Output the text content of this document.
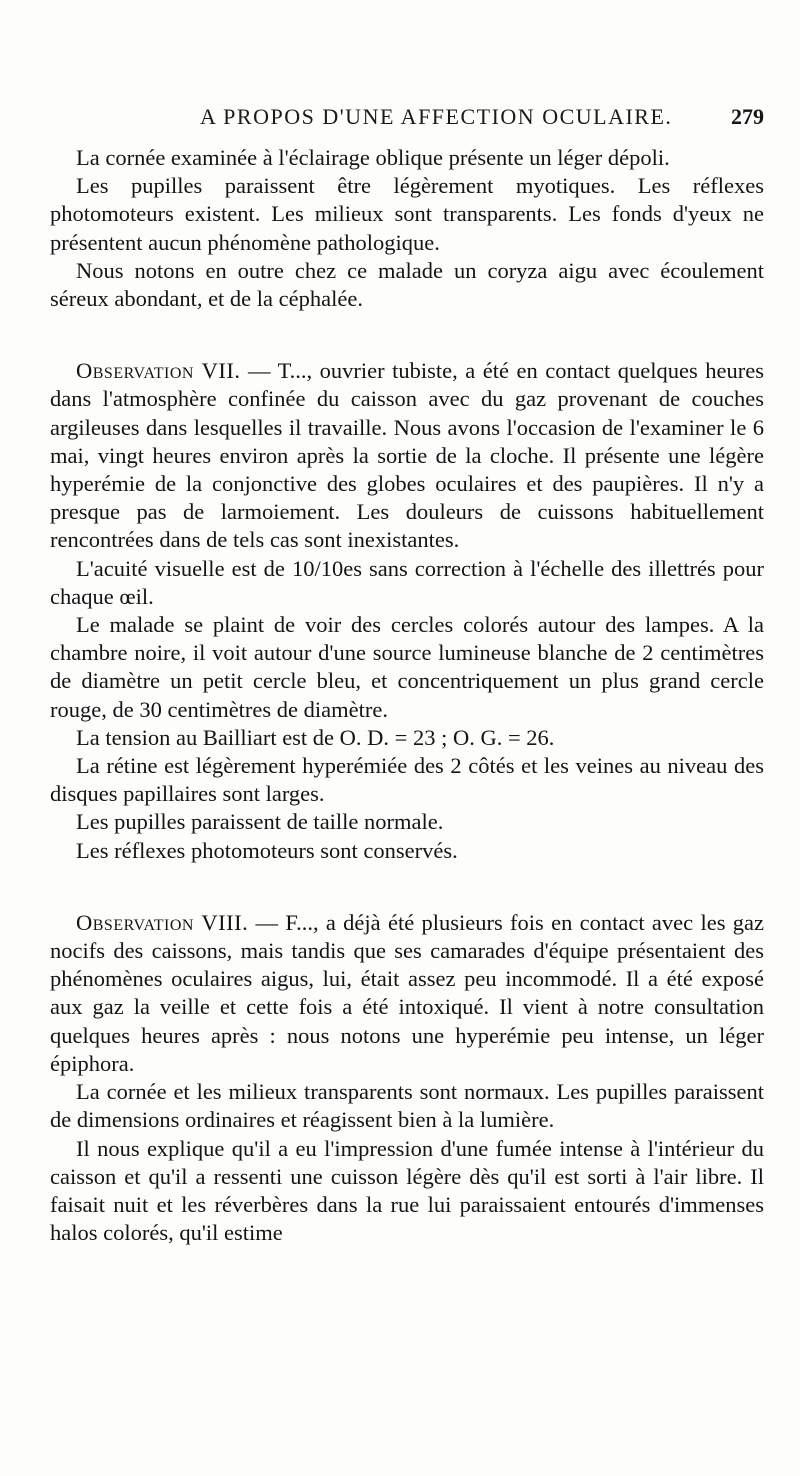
A PROPOS D'UNE AFFECTION OCULAIRE.	279

La cornée examinée à l'éclairage oblique présente un léger dépoli.

Les pupilles paraissent être légèrement myotiques. Les réflexes photomoteurs existent. Les milieux sont transparents. Les fonds d'yeux ne présentent aucun phénomène pathologique.

Nous notons en outre chez ce malade un coryza aigu avec écoulement séreux abondant, et de la céphalée.

Observation VII. — T..., ouvrier tubiste, a été en contact quelques heures dans l'atmosphère confinée du caisson avec du gaz provenant de couches argileuses dans lesquelles il travaille. Nous avons l'occasion de l'examiner le 6 mai, vingt heures environ après la sortie de la cloche. Il présente une légère hyperémie de la conjonctive des globes oculaires et des paupières. Il n'y a presque pas de larmoiement. Les douleurs de cuissons habituellement rencontrées dans de tels cas sont inexistantes.

L'acuité visuelle est de 10/10es sans correction à l'échelle des illettrés pour chaque œil.

Le malade se plaint de voir des cercles colorés autour des lampes. A la chambre noire, il voit autour d'une source lumineuse blanche de 2 centimètres de diamètre un petit cercle bleu, et concentriquement un plus grand cercle rouge, de 30 centimètres de diamètre.

La tension au Bailliart est de O. D. = 23 ; O. G. = 26.

La rétine est légèrement hyperémiée des 2 côtés et les veines au niveau des disques papillaires sont larges.

Les pupilles paraissent de taille normale.

Les réflexes photomoteurs sont conservés.

Observation VIII. — F..., a déjà été plusieurs fois en contact avec les gaz nocifs des caissons, mais tandis que ses camarades d'équipe présentaient des phénomènes oculaires aigus, lui, était assez peu incommodé. Il a été exposé aux gaz la veille et cette fois a été intoxiqué. Il vient à notre consultation quelques heures après : nous notons une hyperémie peu intense, un léger épiphora.

La cornée et les milieux transparents sont normaux. Les pupilles paraissent de dimensions ordinaires et réagissent bien à la lumière.

Il nous explique qu'il a eu l'impression d'une fumée intense à l'intérieur du caisson et qu'il a ressenti une cuisson légère dès qu'il est sorti à l'air libre. Il faisait nuit et les réverbères dans la rue lui paraissaient entourés d'immenses halos colorés, qu'il estime
